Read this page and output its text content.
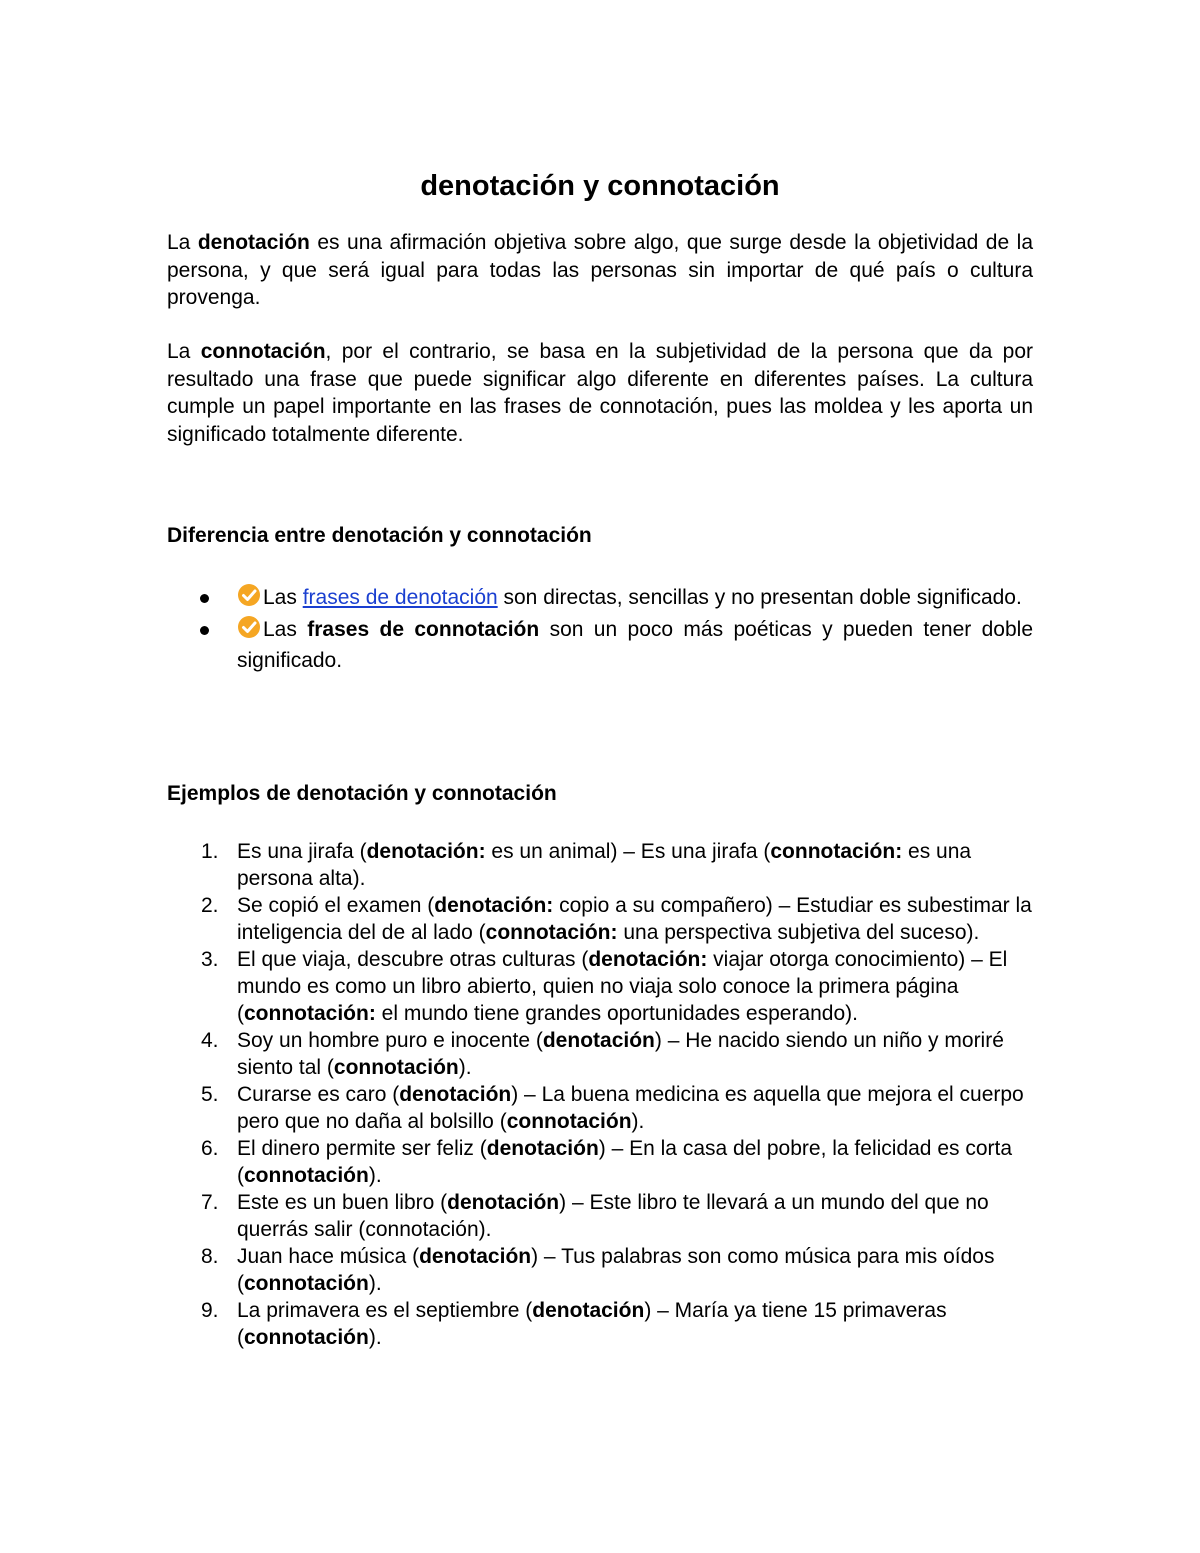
denotación y connotación

La denotación es una afirmación objetiva sobre algo, que surge desde la objetividad de la persona, y que será igual para todas las personas sin importar de qué país o cultura provenga.

La connotación, por el contrario, se basa en la subjetividad de la persona que da por resultado una frase que puede significar algo diferente en diferentes países. La cultura cumple un papel importante en las frases de connotación, pues las moldea y les aporta un significado totalmente diferente.

Diferencia entre denotación y connotación
Las frases de denotación son directas, sencillas y no presentan doble significado.
Las frases de connotación son un poco más poéticas y pueden tener doble significado.
Ejemplos de denotación y connotación
1. Es una jirafa (denotación: es un animal) – Es una jirafa (connotación: es una persona alta).
2. Se copió el examen (denotación: copio a su compañero) – Estudiar es subestimar la inteligencia del de al lado (connotación: una perspectiva subjetiva del suceso).
3. El que viaja, descubre otras culturas (denotación: viajar otorga conocimiento) – El mundo es como un libro abierto, quien no viaja solo conoce la primera página (connotación: el mundo tiene grandes oportunidades esperando).
4. Soy un hombre puro e inocente (denotación) – He nacido siendo un niño y moriré siento tal (connotación).
5. Curarse es caro (denotación) – La buena medicina es aquella que mejora el cuerpo pero que no daña al bolsillo (connotación).
6. El dinero permite ser feliz (denotación) – En la casa del pobre, la felicidad es corta (connotación).
7. Este es un buen libro (denotación) – Este libro te llevará a un mundo del que no querrás salir (connotación).
8. Juan hace música (denotación) – Tus palabras son como música para mis oídos (connotación).
9. La primavera es el septiembre (denotación) – María ya tiene 15 primaveras (connotación).
